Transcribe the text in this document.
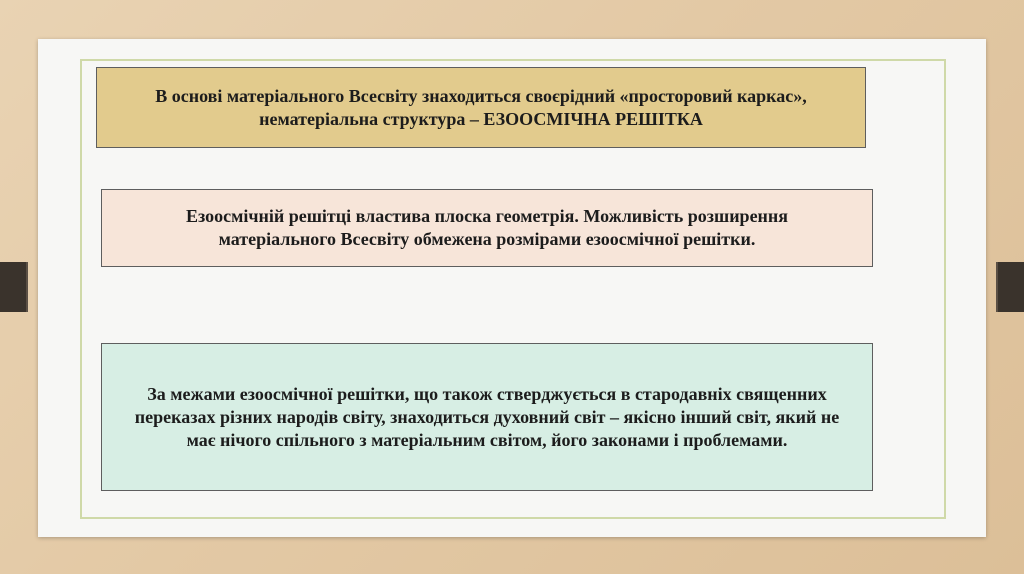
В основі матеріального Всесвіту знаходиться своєрідний «просторовий каркас», нематеріальна структура – ЕЗООСМІЧНА РЕШІТКА
Езоосмічній решітці властива плоска геометрія. Можливість розширення матеріального Всесвіту обмежена розмірами езоосмічної решітки.
За межами езоосмічної решітки, що також стверджується в стародавніх священних переказах різних народів світу, знаходиться духовний світ – якісно інший світ, який не має нічого спільного з матеріальним світом, його законами і проблемами.
